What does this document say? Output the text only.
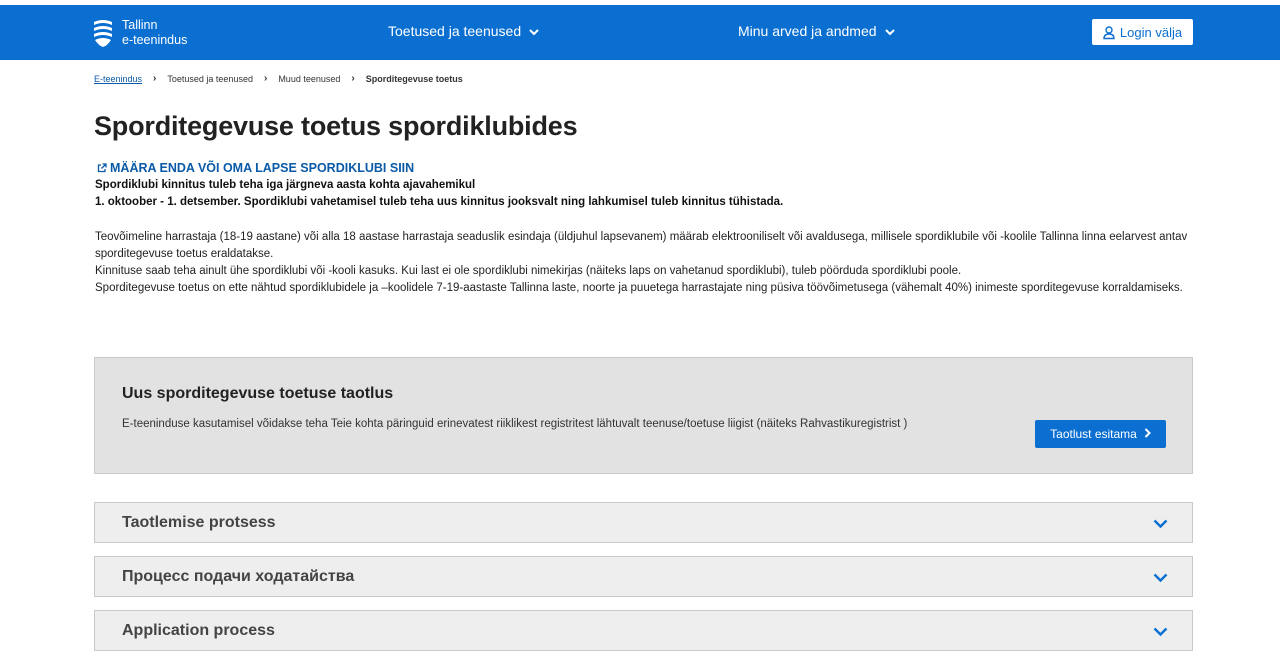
Tallinn
e-teenindus
Toetused ja teenused	Minu arved ja andmed	Login välja
E-teenindus › Toetused ja teenused › Muud teenused › Sporditegevuse toetus
Sporditegevuse toetus spordiklubides
MÄÄRA ENDA VÕI OMA LAPSE SPORDIKLUBI SIIN
Spordiklubi kinnitus tuleb teha iga järgneva aasta kohta ajavahemikul
1. oktoober - 1. detsember. Spordiklubi vahetamisel tuleb teha uus kinnitus jooksvalt ning lahkumisel tuleb kinnitus tühistada.

Teovõimeline harrastaja (18-19 aastane) või alla 18 aastase harrastaja seaduslik esindaja (üldjuhul lapsevanem) määrab elektrooniliselt või avaldusega, millisele spordiklubile või -koolile Tallinna linna eelarvest antav sporditegevuse toetus eraldatakse.

Kinnituse saab teha ainult ühe spordiklubi või -kooli kasuks. Kui last ei ole spordiklubi nimekirjas (näiteks laps on vahetanud spordiklubi), tuleb pöörduda spordiklubi poole.

Sporditegevuse toetus on ette nähtud spordiklubidele ja –koolidele 7-19-aastaste Tallinna laste, noorte ja puuetega harrastajate ning püsiva töövõimetusega (vähemalt 40%) inimeste sporditegevuse korraldamiseks.

Uus sporditegevuse toetuse taotlus
E-teeninduse kasutamisel võidakse teha Teie kohta päringuid erinevatest riiklikest registritest lähtuvalt teenuse/toetuse liigist (näiteks Rahvastikuregistrist )
Taotlust esitama
Taotlemise protsess
Процесс подачи ходатайства
Application process
